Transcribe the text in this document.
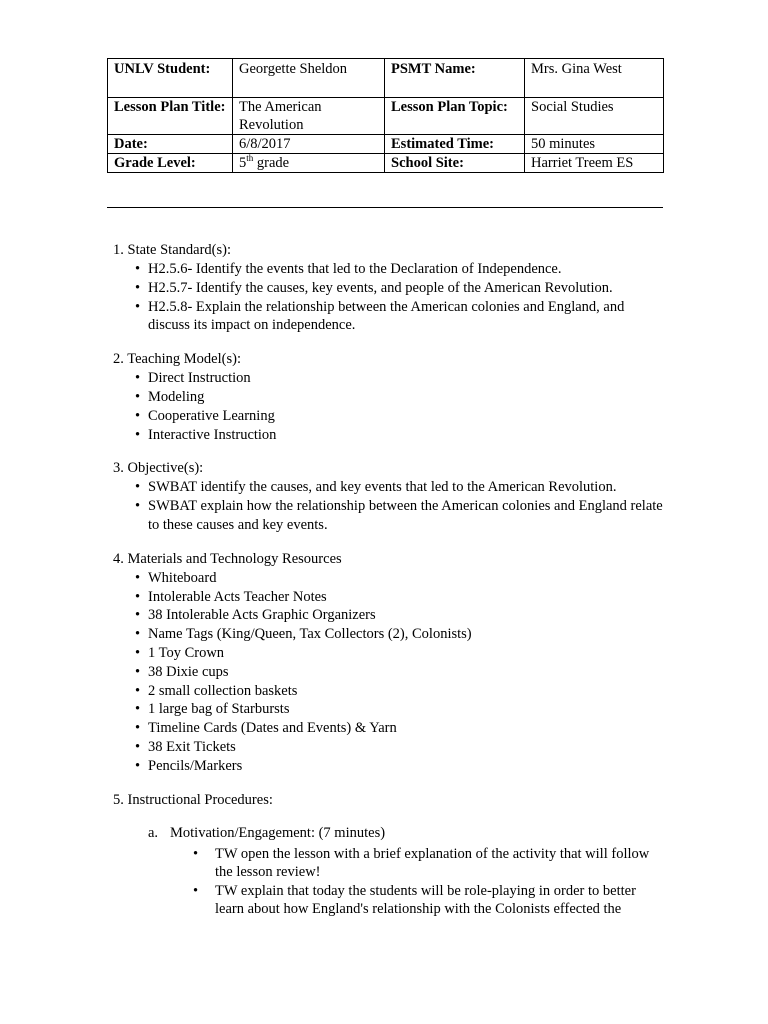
UNLV Student:	Georgette Sheldon	PSMT Name:	Mrs. Gina West
Lesson Plan Title:	The American Revolution	Lesson Plan Topic:	Social Studies
Date:	6/8/2017	Estimated Time:	50 minutes
Grade Level:	5th grade	School Site:	Harriet Treem ES
1. State Standard(s):
• H2.5.6- Identify the events that led to the Declaration of Independence.
• H2.5.7- Identify the causes, key events, and people of the American Revolution.
• H2.5.8- Explain the relationship between the American colonies and England, and discuss its impact on independence.
2. Teaching Model(s):
• Direct Instruction
• Modeling
• Cooperative Learning
• Interactive Instruction
3. Objective(s):
• SWBAT identify the causes, and key events that led to the American Revolution.
• SWBAT explain how the relationship between the American colonies and England relate to these causes and key events.
4. Materials and Technology Resources
• Whiteboard
• Intolerable Acts Teacher Notes
• 38 Intolerable Acts Graphic Organizers
• Name Tags (King/Queen, Tax Collectors (2), Colonists)
• 1 Toy Crown
• 38 Dixie cups
• 2 small collection baskets
• 1 large bag of Starbursts
• Timeline Cards (Dates and Events) & Yarn
• 38 Exit Tickets
• Pencils/Markers
5. Instructional Procedures:
a. Motivation/Engagement: (7 minutes)
• TW open the lesson with a brief explanation of the activity that will follow the lesson review!
• TW explain that today the students will be role-playing in order to better learn about how England's relationship with the Colonists effected the
